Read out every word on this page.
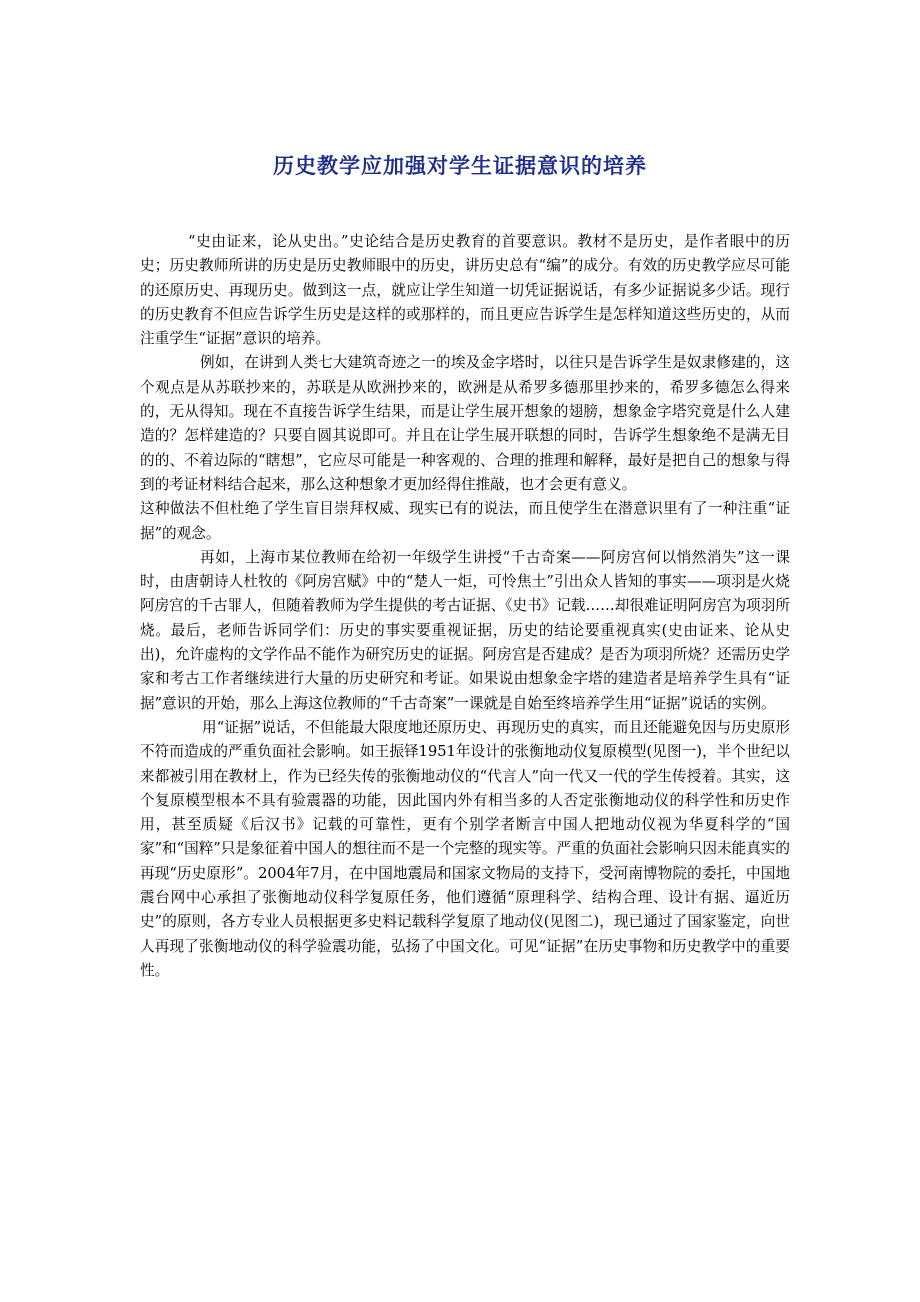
历史教学应加强对学生证据意识的培养

“史由证来，论从史出。”史论结合是历史教育的首要意识。教材不是历史，是作者眼中的历史；历史教师所讲的历史是历史教师眼中的历史，讲历史总有“编”的成分。有效的历史教学应尽可能的还原历史、再现历史。做到这一点，就应让学生知道一切凭证据说话，有多少证据说多少话。现行的历史教育不但应告诉学生历史是这样的或那样的，而且更应告诉学生是怎样知道这些历史的，从而注重学生“证据”意识的培养。

例如，在讲到人类七大建筑奇迹之一的埃及金字塔时，以往只是告诉学生是奴隶修建的，这个观点是从苏联抄来的，苏联是从欧洲抄来的，欧洲是从希罗多德那里抄来的，希罗多德怎么得来的，无从得知。现在不直接告诉学生结果，而是让学生展开想象的翅膀，想象金字塔究竟是什么人建造的？怎样建造的？只要自圆其说即可。并且在让学生展开联想的同时，告诉学生想象绝不是满无目的的、不着边际的“瞎想”，它应尽可能是一种客观的、合理的推理和解释，最好是把自己的想象与得到的考证材料结合起来，那么这种想象才更加经得住推敲，也才会更有意义。

这种做法不但杜绝了学生盲目崇拜权威、现实已有的说法，而且使学生在潜意识里有了一种注重“证据”的观念。

再如，上海市某位教师在给初一年级学生讲授“千古奇案——阿房宫何以悄然消失”这一课时，由唐朝诗人杜牧的《阿房宫赋》中的“楚人一炬，可怜焦土”引出众人皆知的事实——项羽是火烧阿房宫的千古罪人，但随着教师为学生提供的考古证据、《史书》记载……却很难证明阿房宫为项羽所烧。最后，老师告诉同学们：历史的事实要重视证据，历史的结论要重视真实(史由证来、论从史出)，允许虚构的文学作品不能作为研究历史的证据。阿房宫是否建成？是否为项羽所烧？还需历史学家和考古工作者继续进行大量的历史研究和考证。如果说由想象金字塔的建造者是培养学生具有“证据”意识的开始，那么上海这位教师的“千古奇案”一课就是自始至终培养学生用“证据”说话的实例。

用“证据”说话，不但能最大限度地还原历史、再现历史的真实，而且还能避免因与历史原形不符而造成的严重负面社会影响。如王振铎1951年设计的张衡地动仪复原模型(见图一)，半个世纪以来都被引用在教材上，作为已经失传的张衡地动仪的“代言人”向一代又一代的学生传授着。其实，这个复原模型根本不具有验震器的功能，因此国内外有相当多的人否定张衡地动仪的科学性和历史作用，甚至质疑《后汉书》记载的可靠性，更有个别学者断言中国人把地动仪视为华夏科学的“国家”和“国粹”只是象征着中国人的想往而不是一个完整的现实等。严重的负面社会影响只因未能真实的再现“历史原形”。2004年7月，在中国地震局和国家文物局的支持下，受河南博物院的委托，中国地震台网中心承担了张衡地动仪科学复原任务，他们遵循“原理科学、结构合理、设计有据、逼近历史”的原则，各方专业人员根据更多史料记载科学复原了地动仪(见图二)，现已通过了国家鉴定，向世人再现了张衡地动仪的科学验震功能，弘扬了中国文化。可见“证据”在历史事物和历史教学中的重要性。
